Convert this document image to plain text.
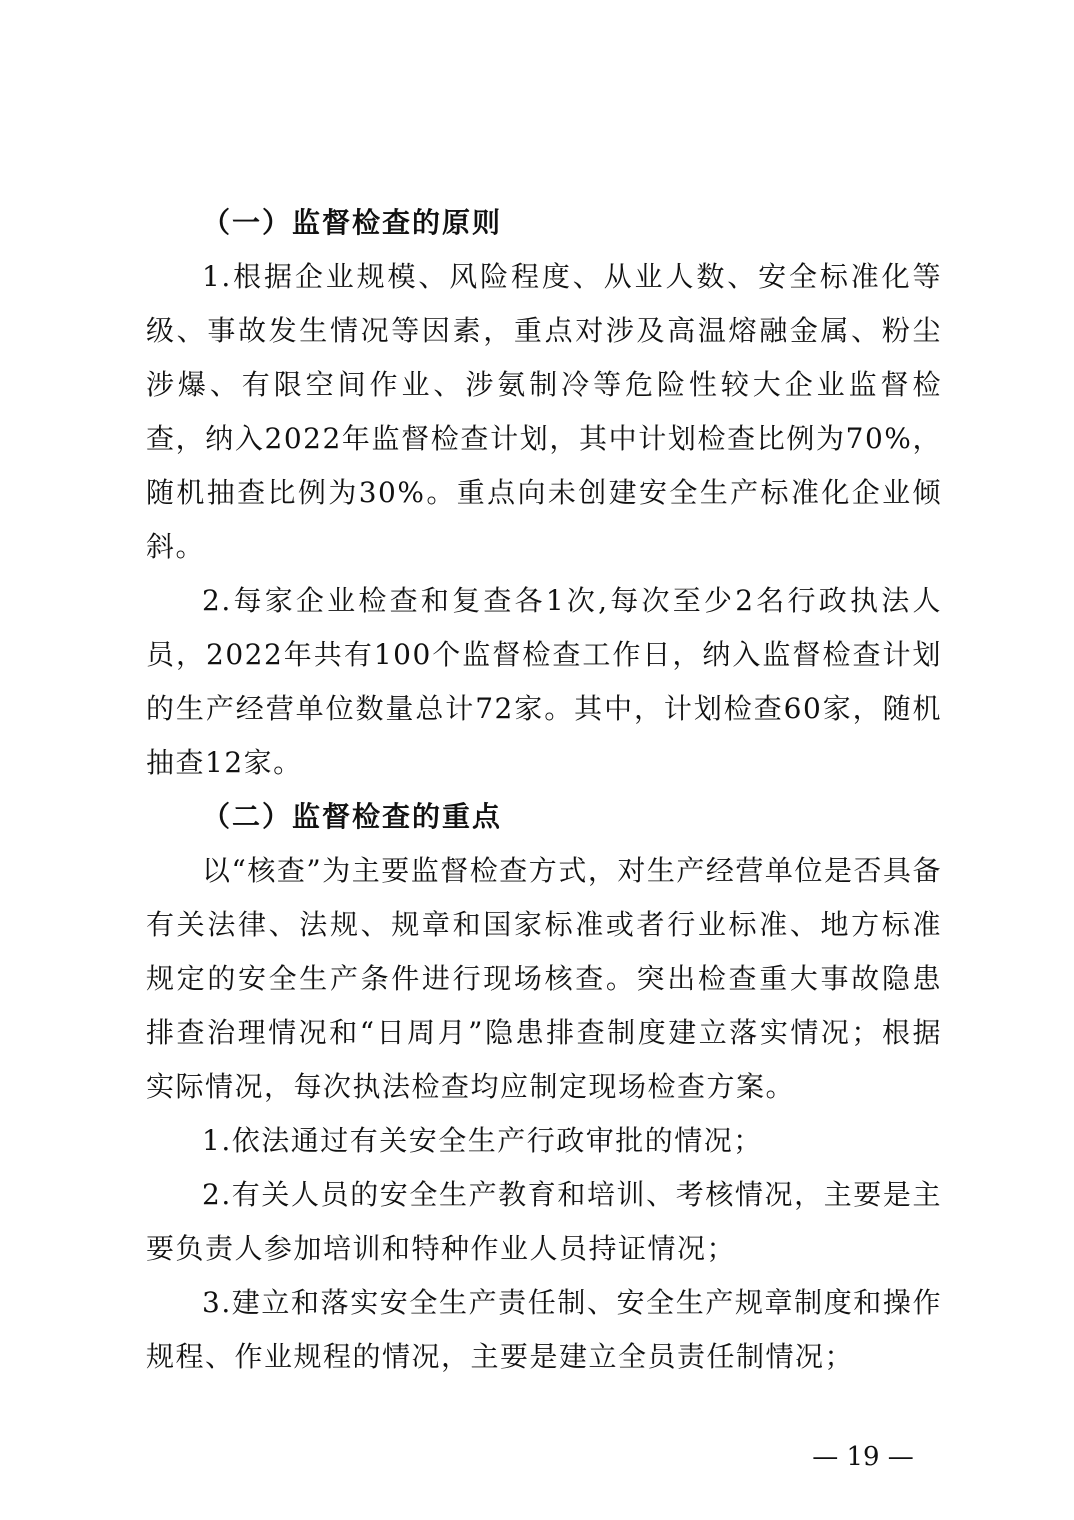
（一）监督检查的原则

1.根据企业规模、风险程度、从业人数、安全标准化等级、事故发生情况等因素，重点对涉及高温熔融金属、粉尘涉爆、有限空间作业、涉氨制冷等危险性较大企业监督检查，纳入2022年监督检查计划，其中计划检查比例为70%，随机抽查比例为30%。重点向未创建安全生产标准化企业倾斜。

2.每家企业检查和复查各1次,每次至少2名行政执法人员，2022年共有100个监督检查工作日，纳入监督检查计划的生产经营单位数量总计72家。其中，计划检查60家，随机抽查12家。

（二）监督检查的重点

以“核查”为主要监督检查方式，对生产经营单位是否具备有关法律、法规、规章和国家标准或者行业标准、地方标准规定的安全生产条件进行现场核查。突出检查重大事故隐患排查治理情况和“日周月”隐患排查制度建立落实情况；根据实际情况，每次执法检查均应制定现场检查方案。

1.依法通过有关安全生产行政审批的情况；

2.有关人员的安全生产教育和培训、考核情况，主要是主要负责人参加培训和特种作业人员持证情况；

3.建立和落实安全生产责任制、安全生产规章制度和操作规程、作业规程的情况，主要是建立全员责任制情况；

— 19 —
